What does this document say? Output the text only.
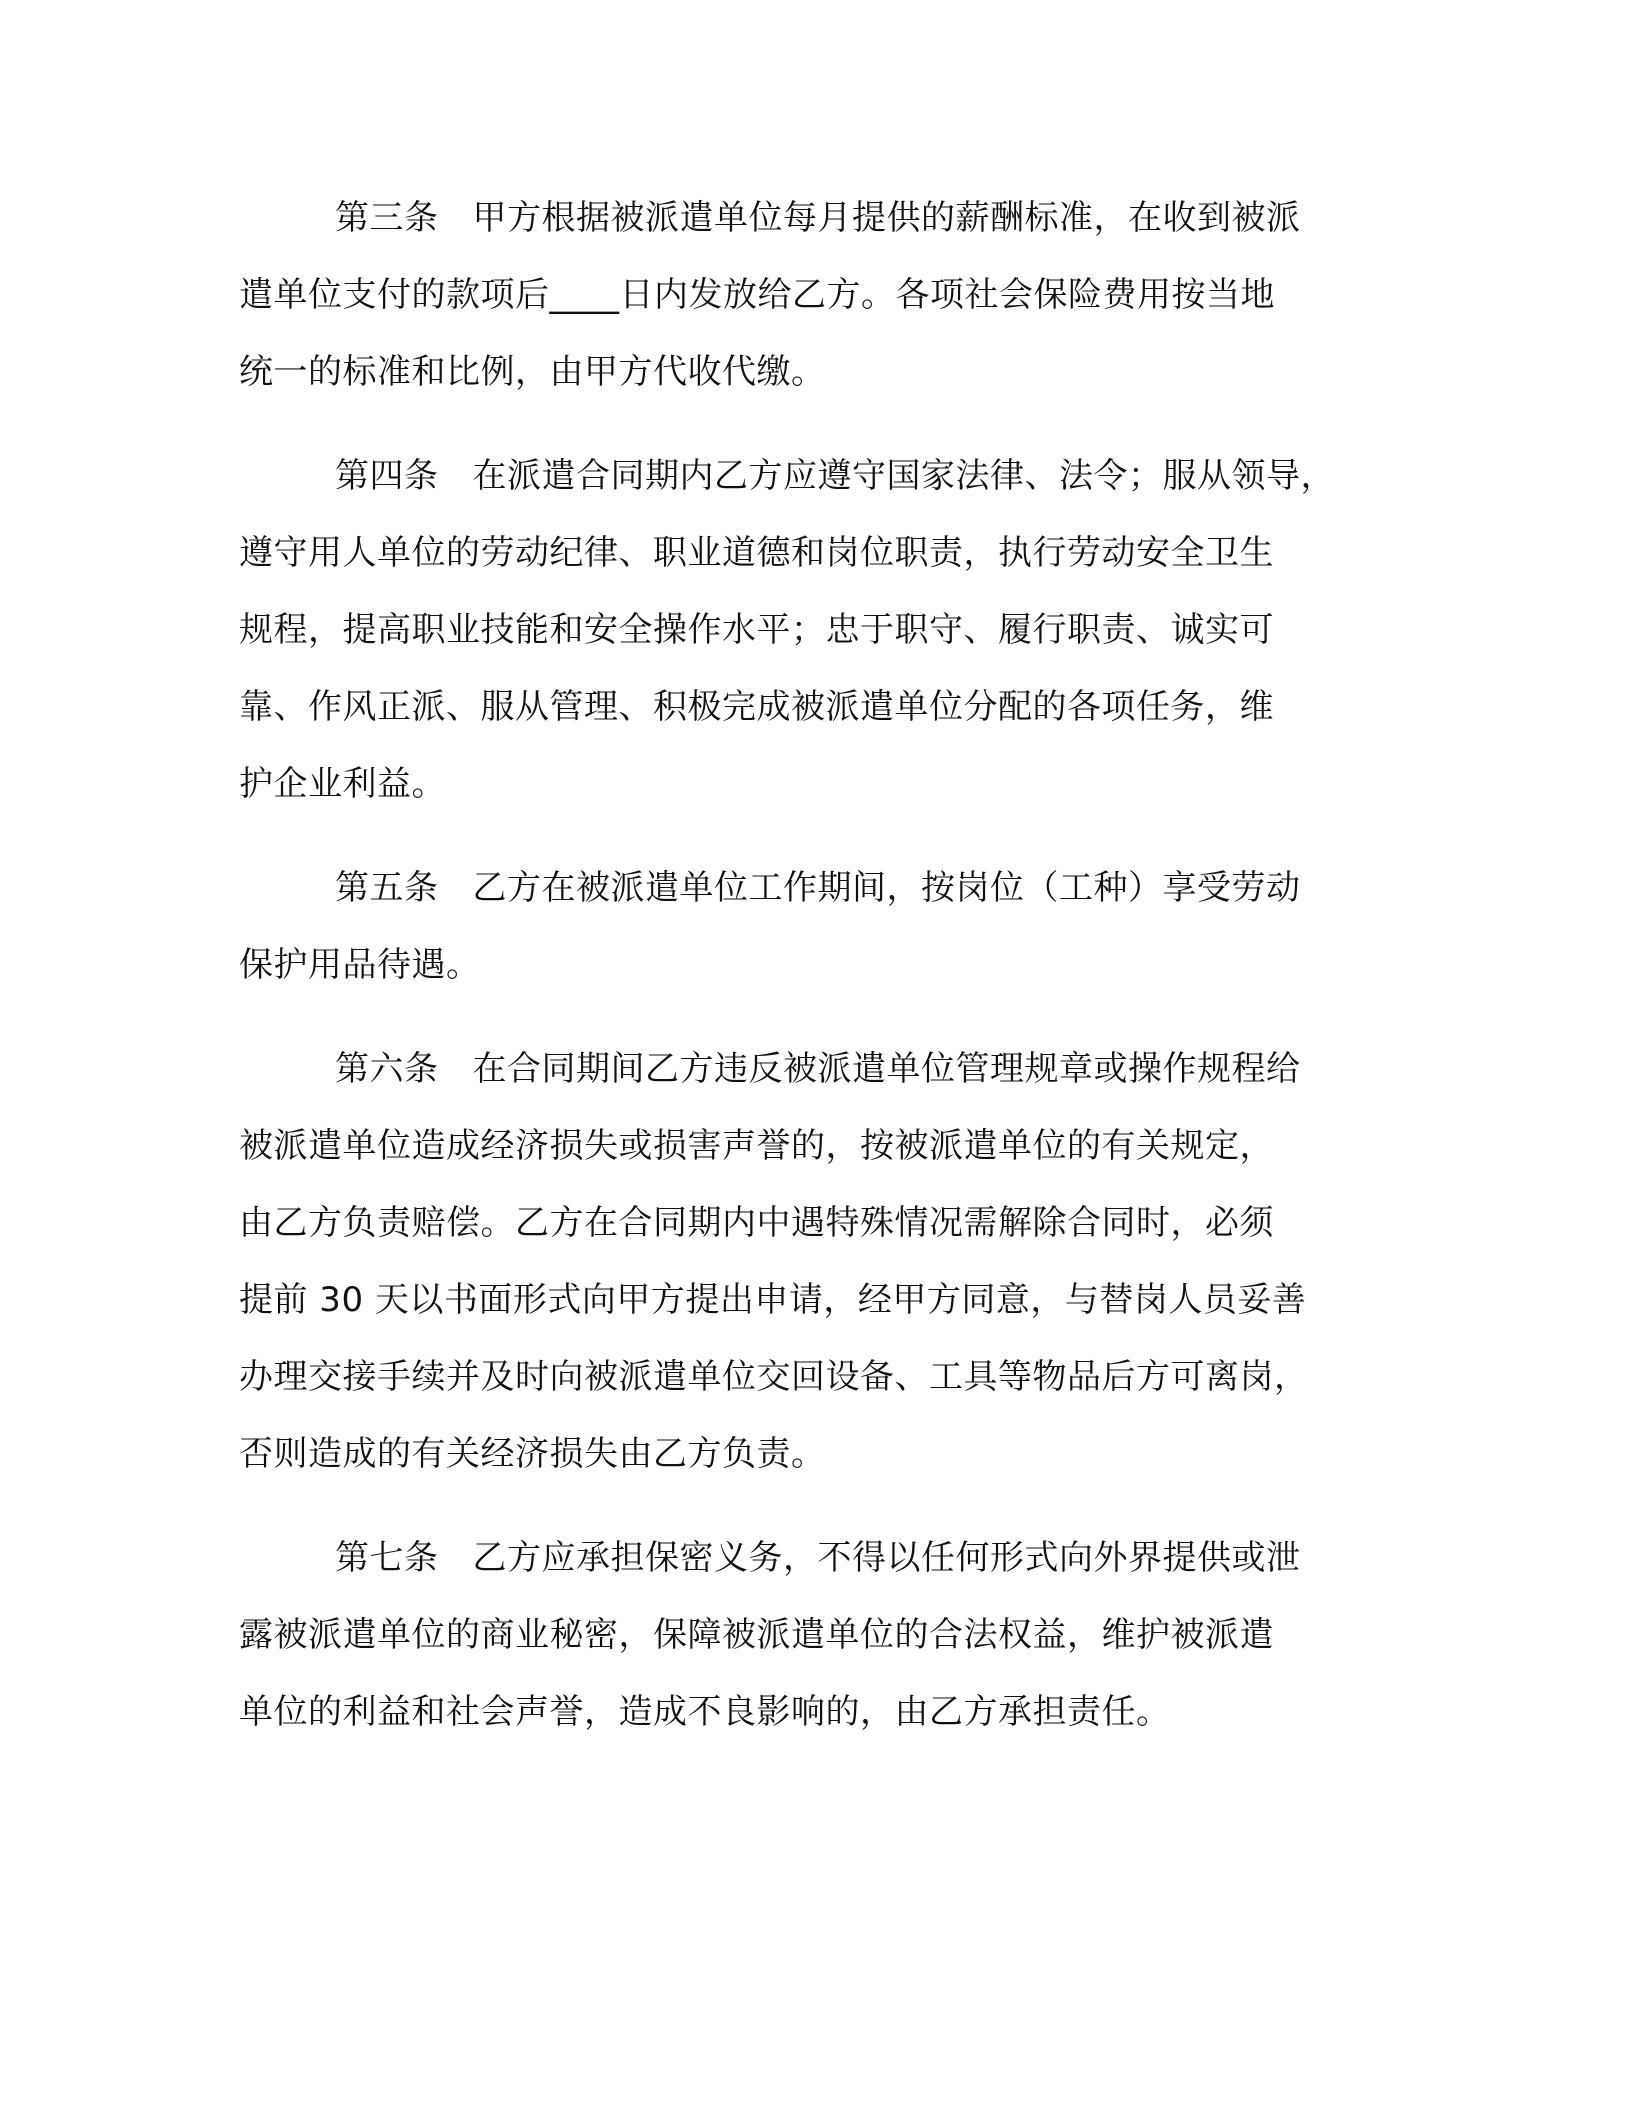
第三条 甲方根据被派遣单位每月提供的薪酬标准，在收到被派
遣单位支付的款项后____日内发放给乙方。各项社会保险费用按当地
统一的标准和比例，由甲方代收代缴。
第四条 在派遣合同期内乙方应遵守国家法律、法令；服从领导，
遵守用人单位的劳动纪律、职业道德和岗位职责，执行劳动安全卫生
规程，提高职业技能和安全操作水平；忠于职守、履行职责、诚实可
靠、作风正派、服从管理、积极完成被派遣单位分配的各项任务，维
护企业利益。
第五条 乙方在被派遣单位工作期间，按岗位（工种）享受劳动
保护用品待遇。
第六条 在合同期间乙方违反被派遣单位管理规章或操作规程给
被派遣单位造成经济损失或损害声誉的，按被派遣单位的有关规定，
由乙方负责赔偿。乙方在合同期内中遇特殊情况需解除合同时，必须
提前 30 天以书面形式向甲方提出申请，经甲方同意，与替岗人员妥善
办理交接手续并及时向被派遣单位交回设备、工具等物品后方可离岗，
否则造成的有关经济损失由乙方负责。
第七条 乙方应承担保密义务，不得以任何形式向外界提供或泄
露被派遣单位的商业秘密，保障被派遣单位的合法权益，维护被派遣
单位的利益和社会声誉，造成不良影响的，由乙方承担责任。
